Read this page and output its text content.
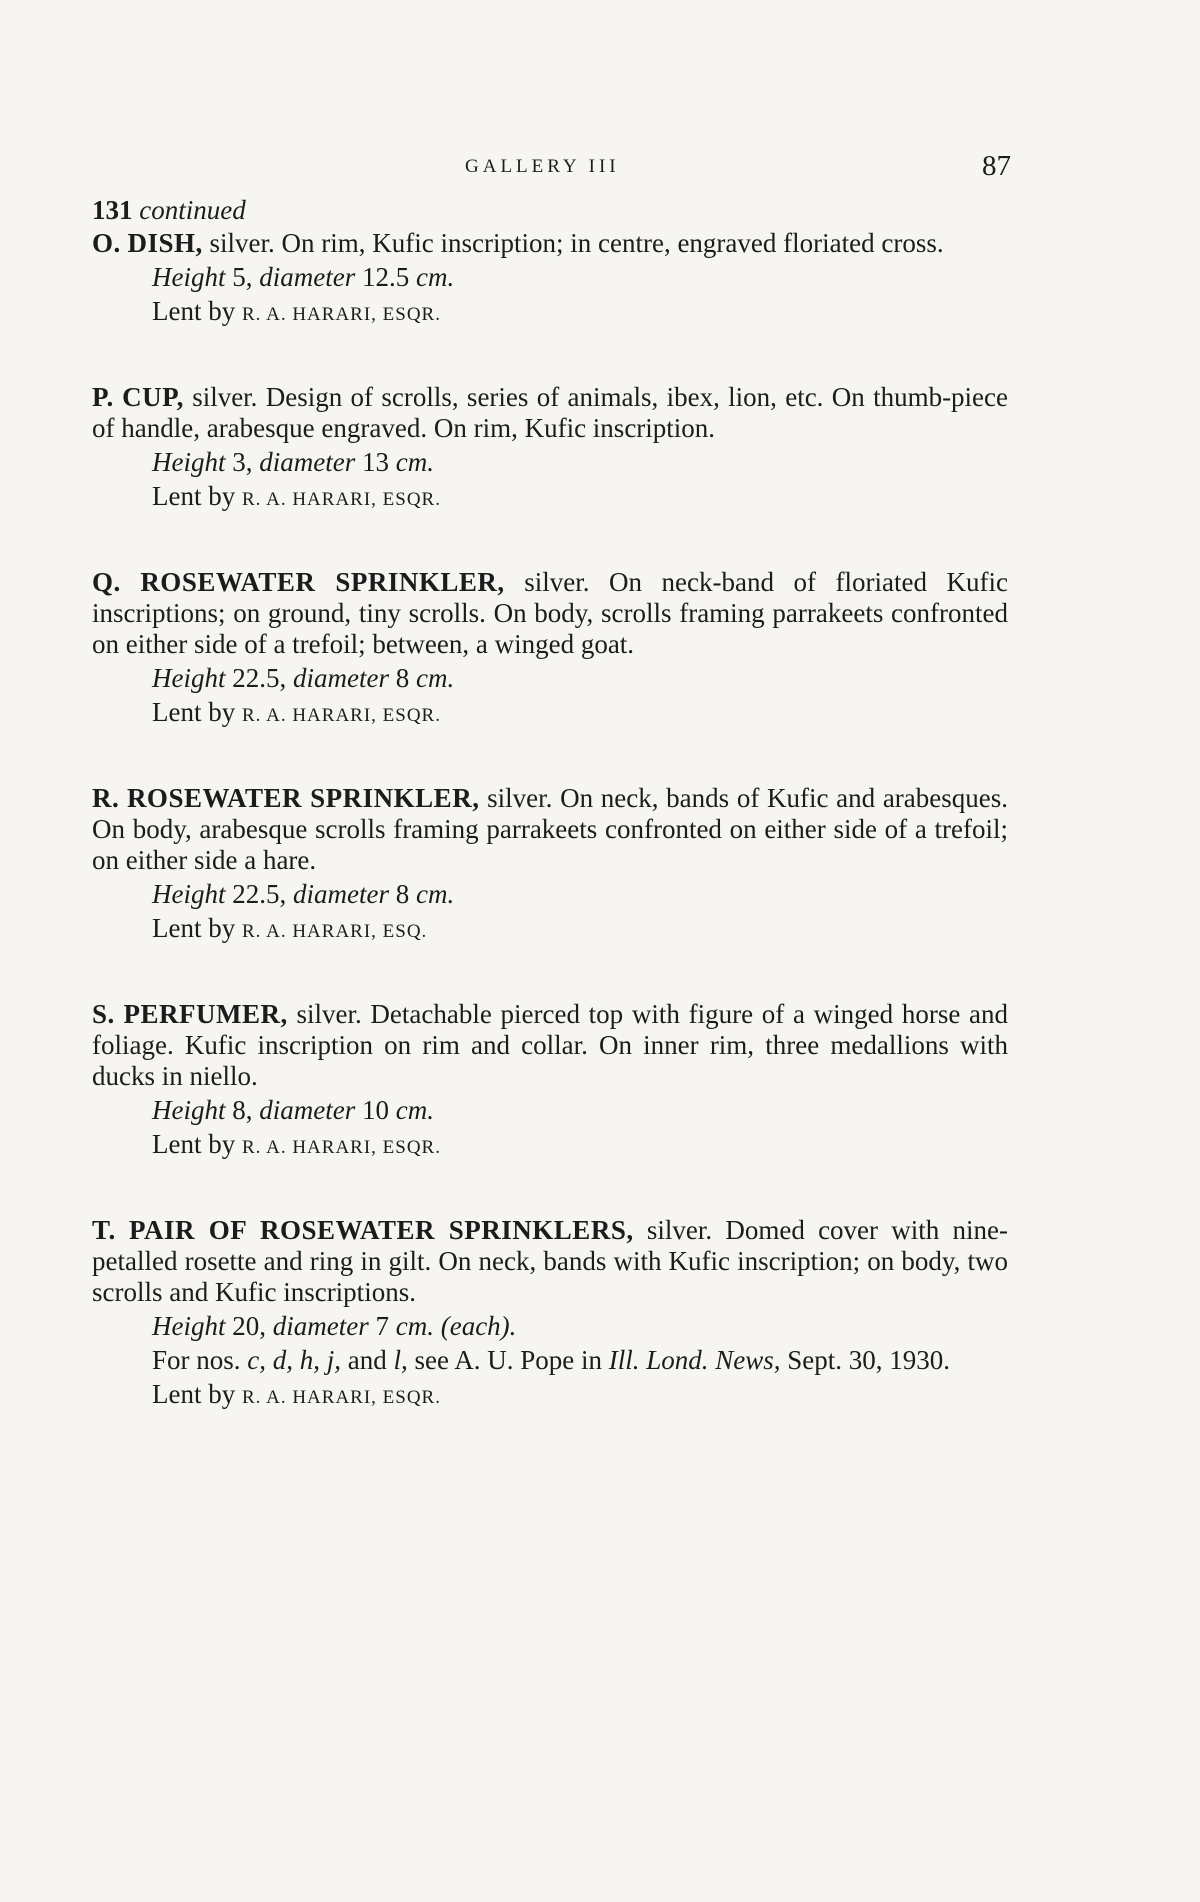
GALLERY III	87

131 continued

O. DISH, silver. On rim, Kufic inscription; in centre, engraved floriated cross.

Height 5, diameter 12.5 cm.

Lent by R. A. HARARI, ESQR.

P. CUP, silver. Design of scrolls, series of animals, ibex, lion, etc. On thumb-piece of handle, arabesque engraved. On rim, Kufic inscription.

Height 3, diameter 13 cm.

Lent by R. A. HARARI, ESQR.

Q. ROSEWATER SPRINKLER, silver. On neck-band of floriated Kufic inscriptions; on ground, tiny scrolls. On body, scrolls framing parrakeets confronted on either side of a trefoil; between, a winged goat.

Height 22.5, diameter 8 cm.

Lent by R. A. HARARI, ESQR.

R. ROSEWATER SPRINKLER, silver. On neck, bands of Kufic and arabesques. On body, arabesque scrolls framing parrakeets confronted on either side of a trefoil; on either side a hare.

Height 22.5, diameter 8 cm.

Lent by R. A. HARARI, ESQ.

S. PERFUMER, silver. Detachable pierced top with figure of a winged horse and foliage. Kufic inscription on rim and collar. On inner rim, three medallions with ducks in niello.

Height 8, diameter 10 cm.

Lent by R. A. HARARI, ESQR.

T. PAIR OF ROSEWATER SPRINKLERS, silver. Domed cover with nine-petalled rosette and ring in gilt. On neck, bands with Kufic inscription; on body, two scrolls and Kufic inscriptions.

Height 20, diameter 7 cm. (each).

For nos. c, d, h, j, and l, see A. U. Pope in Ill. Lond. News, Sept. 30, 1930.

Lent by R. A. HARARI, ESQR.
